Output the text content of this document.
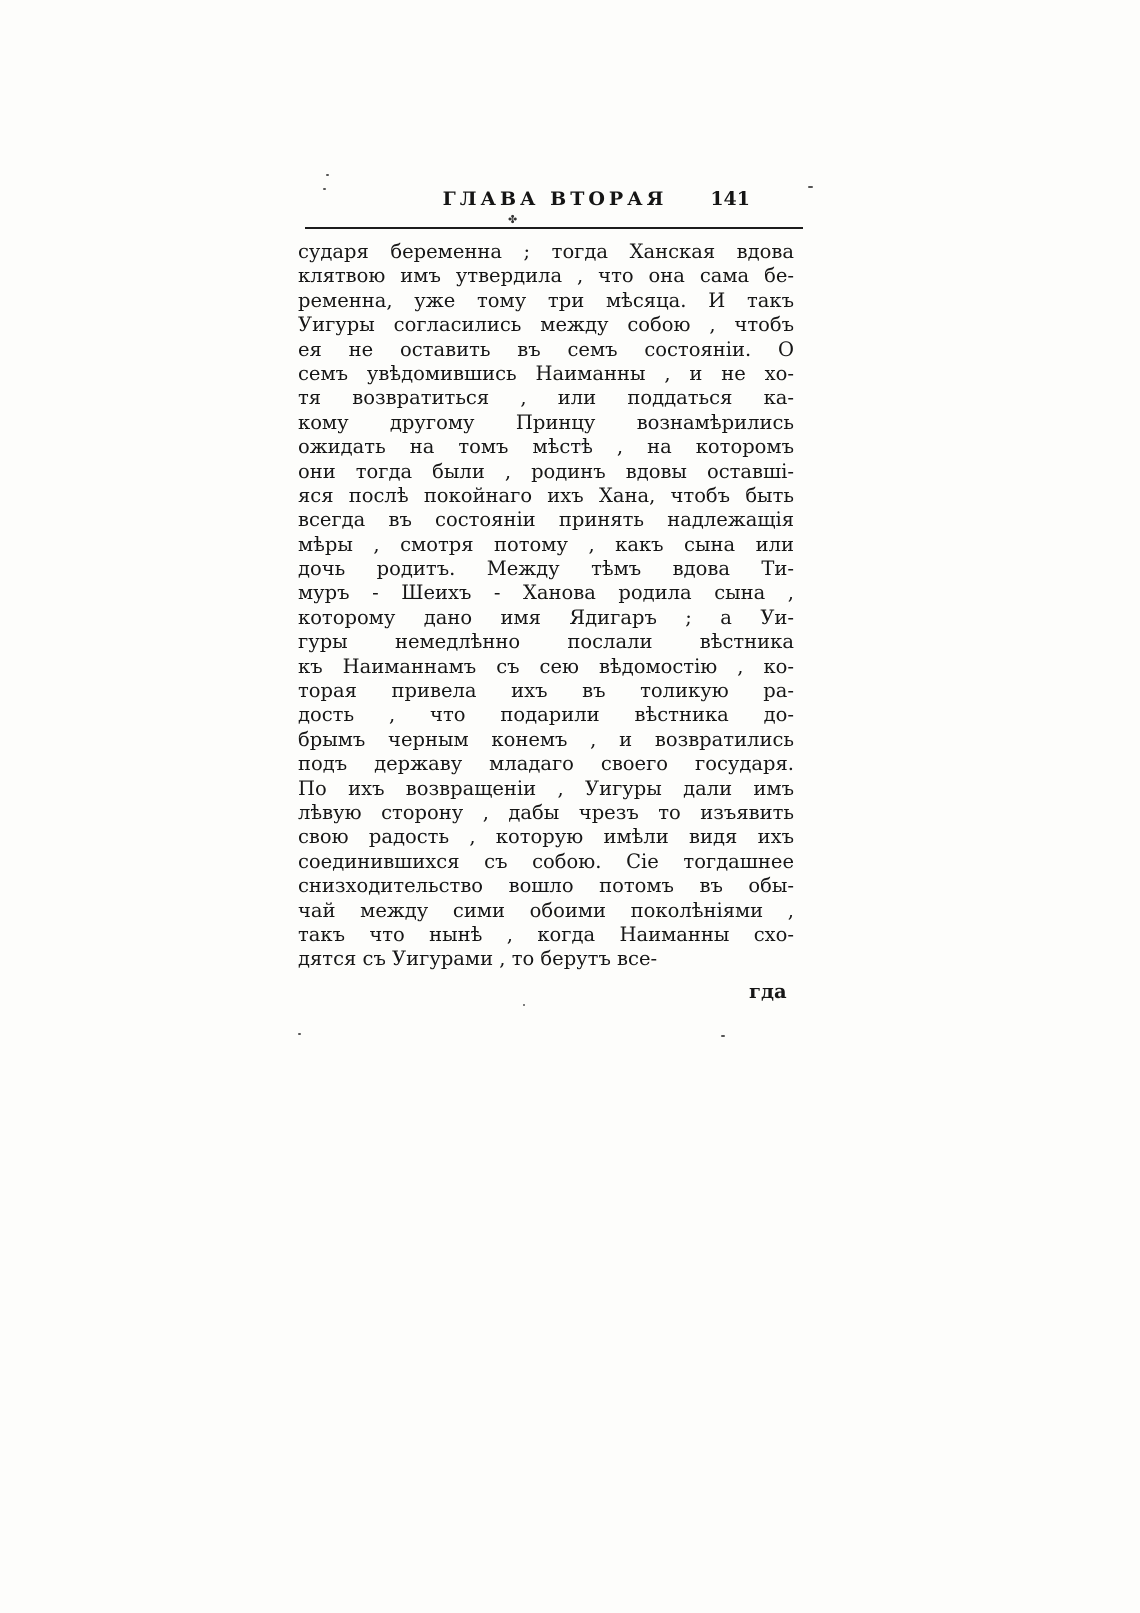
ГЛАВА ВТОРАЯ	141
✤
сударя беременна ; тогда Ханская вдова
клятвою имъ утвердила , что она сама бе-
ременна, уже тому три мѣсяца. И такъ
Уигуры согласились между собою , чтобъ
ея не оставить въ семъ состоянiи. О
семъ увѣдомившись Наиманны , и не хо-
тя возвратиться , или поддаться ка-
кому другому Принцу вознамѣрились
ожидать на томъ мѣстѣ , на которомъ
они тогда были , родинъ вдовы оставшi-
яся послѣ покойнаго ихъ Хана, чтобъ быть
всегда въ состоянiи принять надлежащiя
мѣры , смотря потому , какъ сына или
дочь родитъ. Между тѣмъ вдова Ти-
муръ - Шеихъ - Ханова родила сына ,
которому дано имя Ядигаръ ; а Уи-
гуры немедлѣнно послали вѣстника
къ Наиманнамъ съ сею вѣдомостiю , ко-
торая привела ихъ въ толикую ра-
дость , что подарили вѣстника до-
брымъ черным конемъ , и возвратились
подъ державу младаго своего государя.
По ихъ возвращенiи , Уигуры дали имъ
лѣвую сторону , дабы чрезъ то изъявить
свою радость , которую имѣли видя ихъ
соединившихся съ собою. Сiе тогдашнее
снизходительство вошло потомъ въ обы-
чай между сими обоими поколѣнiями ,
такъ что нынѣ , когда Наиманны схо-
дятся съ Уигурами , то берутъ все-
гда
